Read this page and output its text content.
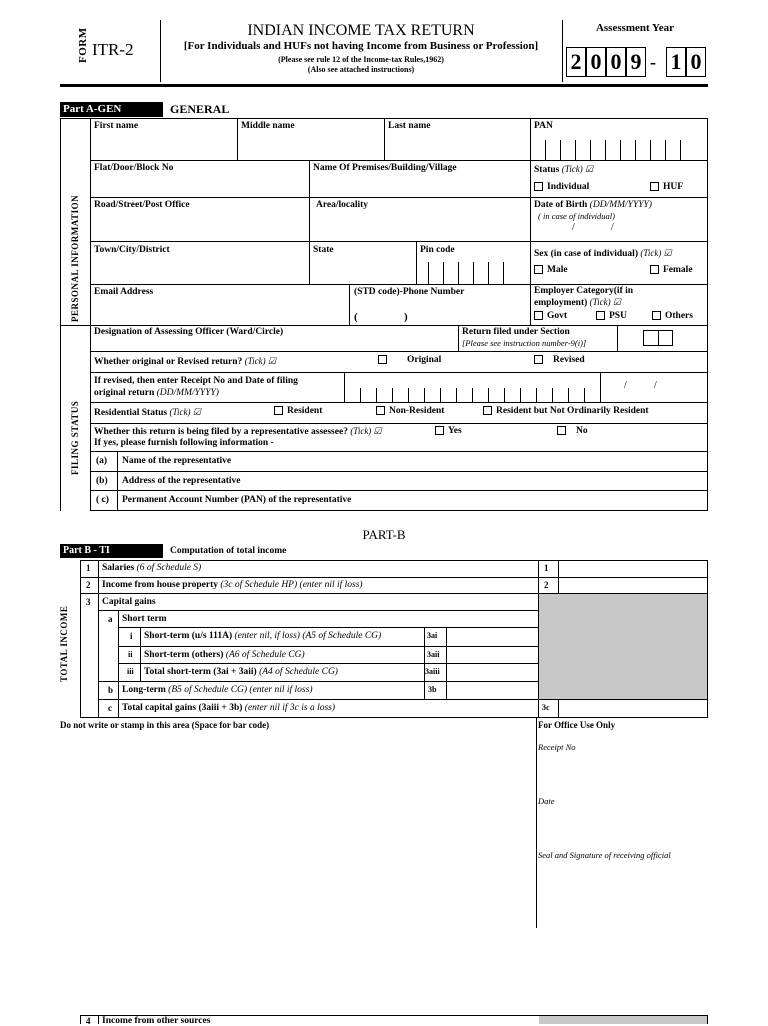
FORM ITR-2
INDIAN INCOME TAX RETURN
[For Individuals and HUFs not having Income from Business or Profession]
(Please see rule 12 of the Income-tax Rules,1962)
(Also see attached instructions)
Assessment Year
2 0 0 9 - 1 0
Part A-GEN	GENERAL
PERSONAL INFORMATION
FILING STATUS
First name	Middle name	Last name	PAN
Flat/Door/Block No	Name Of Premises/Building/Village	Status (Tick) ☑
Individual	HUF
Road/Street/Post Office	Area/locality	Date of Birth (DD/MM/YYYY)
( in case of individual)
/	/
Town/City/District	State	Pin code	Sex (in case of individual) (Tick) ☑
Male	Female
Email Address	(STD code)-Phone Number
(	)
Employer Category(if in
employment) (Tick) ☑
Govt	PSU	Others
Designation of Assessing Officer (Ward/Circle)	Return filed under Section
[Please see instruction number-9(i)]
Whether original or Revised return? (Tick) ☑	Original	Revised
If revised, then enter Receipt No and Date of filing
original return (DD/MM/YYYY)
/	/
Residential Status (Tick) ☑	Resident	Non-Resident	Resident but Not Ordinarily Resident
Whether this return is being filed by a representative assessee? (Tick) ☑	Yes	No
If yes, please furnish following information -
(a) Name of the representative
(b) Address of the representative
( c) Permanent Account Number (PAN) of the representative
PART-B
Part B - TI	Computation of total income
TOTAL INCOME
1 Salaries (6 of Schedule S)	1
2 Income from house property (3c of Schedule HP) (enter nil if loss)	2
3 Capital gains
a Short term
i Short-term (u/s 111A) (enter nil, if loss) (A5 of Schedule CG)	3ai
ii Short-term (others) (A6 of Schedule CG)	3aii
iii Total short-term (3ai + 3aii) (A4 of Schedule CG)	3aiii
b Long-term (B5 of Schedule CG) (enter nil if loss)	3b
c Total capital gains (3aiii + 3b) (enter nil if 3c is a loss)	3c
Do not write or stamp in this area (Space for bar code)	For Office Use Only
Receipt No
Date
Seal and Signature of receiving official
4 Income from other sources
